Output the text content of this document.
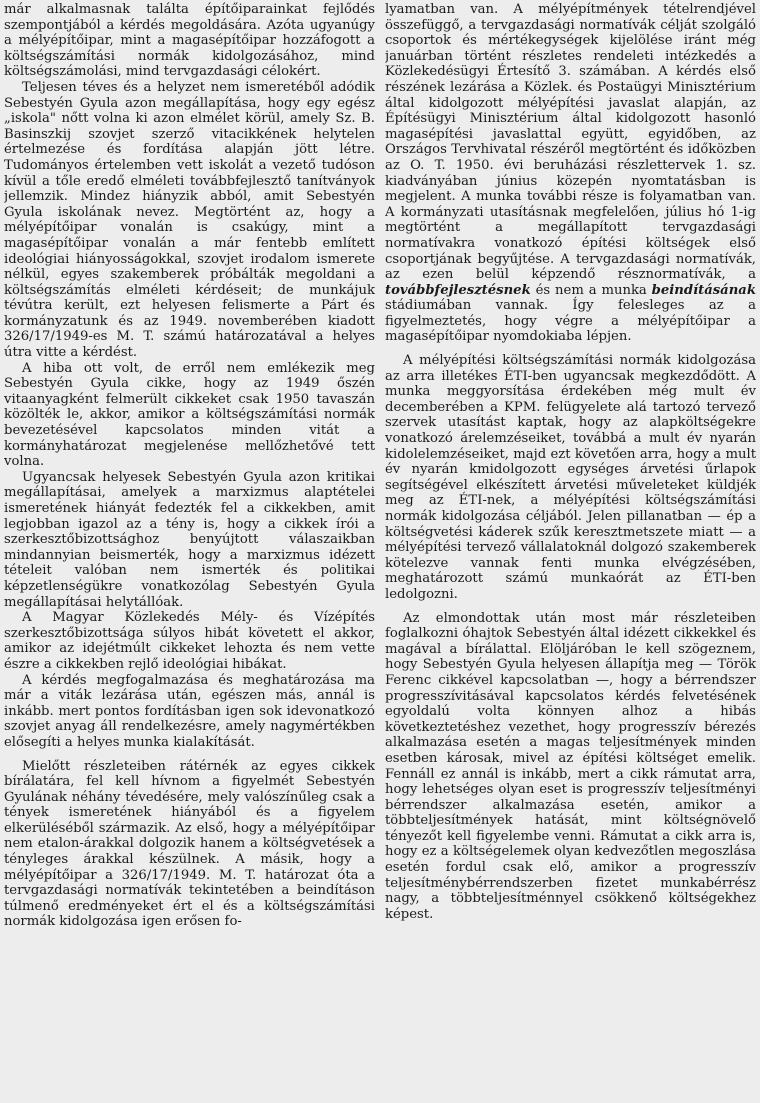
már alkalmasnak találta építőiparainkat fejlődés szempontjából a kérdés megoldására. Azóta ugyanúgy a mélyépítőipar, mint a magasépítőipar hozzáfogott a költségszámítási normák kidolgozásához, mind költségszámolási, mind tervgazdasági célokért.

Teljesen téves és a helyzet nem ismeretéből adódik Sebestyén Gyula azon megállapítása, hogy egy egész „iskola" nőtt volna ki azon elmélet körül, amely Sz. B. Basinszkij szovjet szerző vitacikkének helytelen értelmezése és fordítása alapján jött létre. Tudományos értelemben vett iskolát a vezető tudóson kívül a tőle eredő elméleti továbbfejlesztő tanítványok jellemzik. Mindez hiányzik abból, amit Sebestyén Gyula iskolának nevez. Megtörtént az, hogy a mélyépítőipar vonalán is csakúgy, mint a magasépítőipar vonalán a már fentebb említett ideológiai hiányosságokkal, szovjet irodalom ismerete nélkül, egyes szakemberek próbálták megoldani a költségszámítás elméleti kérdéseit; de munkájuk tévútra került, ezt helyesen felismerte a Párt és kormányzatunk és az 1949. novemberében kiadott 326/17/1949-es M. T. számú határozatával a helyes útra vitte a kérdést.

A hiba ott volt, de erről nem emlékezik meg Sebestyén Gyula cikke, hogy az 1949 őszén vitaanyagként felmerült cikkeket csak 1950 tavaszán közölték le, akkor, amikor a költségszámítási normák bevezetésével kapcsolatos minden vitát a kormányhatározat megjelenése mellőzhetővé tett volna.

Ugyancsak helyesek Sebestyén Gyula azon kritikai megállapításai, amelyek a marxizmus alaptételei ismeretének hiányát fedezték fel a cikkekben, amit legjobban igazol az a tény is, hogy a cikkek írói a szerkesztőbizottsághoz benyújtott válaszaikban mindannyian beismerték, hogy a marxizmus idézett tételeit valóban nem ismerték és politikai képzetlenségükre vonatkozólag Sebestyén Gyula megállapításai helytállóak.

A Magyar Közlekedés Mély- és Vízépítés szerkesztőbizottsága súlyos hibát követett el akkor, amikor az idejétmúlt cikkeket lehozta és nem vette észre a cikkekben rejlő ideológiai hibákat.

A kérdés megfogalmazása és meghatározása ma már a viták lezárása után, egészen más, annál is inkább. mert pontos fordításban igen sok idevonatkozó szovjet anyag áll rendelkezésre, amely nagymértékben elősegíti a helyes munka kialakítását.

Mielőtt részleteiben rátérnék az egyes cikkek bírálatára, fel kell hívnom a figyelmét Sebestyén Gyulának néhány tévedésére, mely valószínűleg csak a tények ismeretének hiányából és a figyelem elkerüléséből származik. Az első, hogy a mélyépítőipar nem etalon-árakkal dolgozik hanem a költségvetések a tényleges árakkal készülnek. A másik, hogy a mélyépítőipar a 326/17/1949. M. T. határozat óta a tervgazdasági normatívák tekintetében a beindításon túlmenő eredményeket ért el és a költségszámítási normák kidolgozása igen erősen fo-

lyamatban van. A mélyépítmények tételrendjével összefüggő, a tervgazdasági normatívák célját szolgáló csoportok és mértékegységek kijelölése iránt még januárban történt részletes rendeleti intézkedés a Közlekedésügyi Értesítő 3. számában. A kérdés első részének lezárása a Közlek. és Postaügyi Minisztérium által kidolgozott mélyépítési javaslat alapján, az Építésügyi Minisztérium által kidolgozott hasonló magasépítési javaslattal együtt, egyidőben, az Országos Tervhivatal részéről megtörtént és időközben az O. T. 1950. évi beruházási részlettervek 1. sz. kiadványában június közepén nyomtatásban is megjelent. A munka további része is folyamatban van. A kormányzati utasításnak megfelelően, július hó 1-ig megtörtént a megállapított tervgazdasági normatívakra vonatkozó építési költségek első csoportjának begyűjtése. A tervgazdasági normatívák, az ezen belül képzendő résznormatívák, a továbbfejlesztésnek és nem a munka beindításának stádiumában vannak. Így felesleges az a figyelmeztetés, hogy végre a mélyépítőipar a magasépítőipar nyomdokiaba lépjen.

A mélyépítési költségszámítási normák kidolgozása az arra illetékes ÉTI-ben ugyancsak megkezdődött. A munka meggyorsítása érdekében még mult év decemberében a KPM. felügyelete alá tartozó tervező szervek utasítást kaptak, hogy az alapköltségekre vonatkozó árelemzéseiket, továbbá a mult év nyarán kidolelemzéseiket, majd ezt követően arra, hogy a mult év nyarán kmidolgozott egységes árvetési űrlapok segítségével elkészített árvetési műveleteket küldjék meg az ÉTI-nek, a mélyépítési költségszámítási normák kidolgozása céljából. Jelen pillanatban — ép a költségvetési káderek szűk keresztmetszete miatt — a mélyépítési tervező vállalatoknál dolgozó szakemberek kötelezve vannak fenti munka elvégzésében, meghatározott számú munkaórát az ÉTI-ben ledolgozni.

Az elmondottak után most már részleteiben foglalkozni óhajtok Sebestyén által idézett cikkekkel és magával a bírálattal. Elöljáróban le kell szögeznem, hogy Sebestyén Gyula helyesen állapítja meg — Török Ferenc cikkével kapcsolatban —, hogy a bérrendszer progresszívitásával kapcsolatos kérdés felvetésének egyoldalú volta könnyen alhoz a hibás következtetéshez vezethet, hogy progresszív bérezés alkalmazása esetén a magas teljesítmények minden esetben károsak, mivel az építési költséget emelik. Fennáll ez annál is inkább, mert a cikk rámutat arra, hogy lehetséges olyan eset is progresszív teljesítményi bérrendszer alkalmazása esetén, amikor a többteljesítmények hatását, mint költségnövelő tényezőt kell figyelembe venni. Rámutat a cikk arra is, hogy ez a költségelemek olyan kedvezőtlen megoszlása esetén fordul csak elő, amikor a progresszív teljesítménybérrendszerben fizetet munkabérrész nagy, a többteljesítménnyel csökkenő költségekhez képest.
